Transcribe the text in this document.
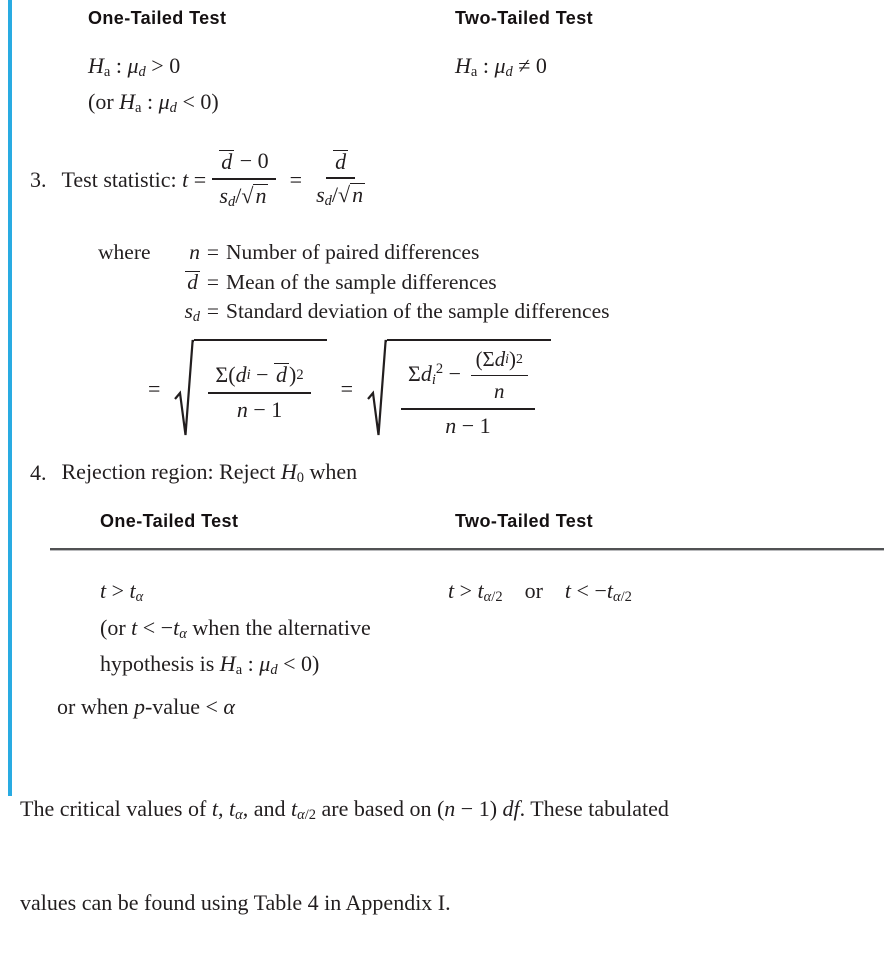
One-Tailed Test
Ha : μd > 0
(or Ha : μd < 0)
Two-Tailed Test
Ha : μd ≠ 0
3. Test statistic: $t = \frac{d - 0}{sd/√n} = \frac{d}{sd/√n}$
where	n = Number of paired differences
d = Mean of the sample differences
sd = Standard deviation of the sample differences
= $\frac{\text{Σ( d i − d ) 2}}{n - 1} = \frac{\Sigma di^2 - \frac{\text{(Σ d i ) 2}}{n}}{n - 1}$
4. Rejection region: Reject H0 when
One-Tailed Test	Two-Tailed Test
t > tα
(or t < −tα when the alternative
hypothesis is Ha : μd < 0)
t > tα/2 or t < −tα/2
or when p-value < α

The critical values of t, tα, and tα/2 are based on (n − 1) df. These tabulated

values can be found using Table 4 in Appendix I.
